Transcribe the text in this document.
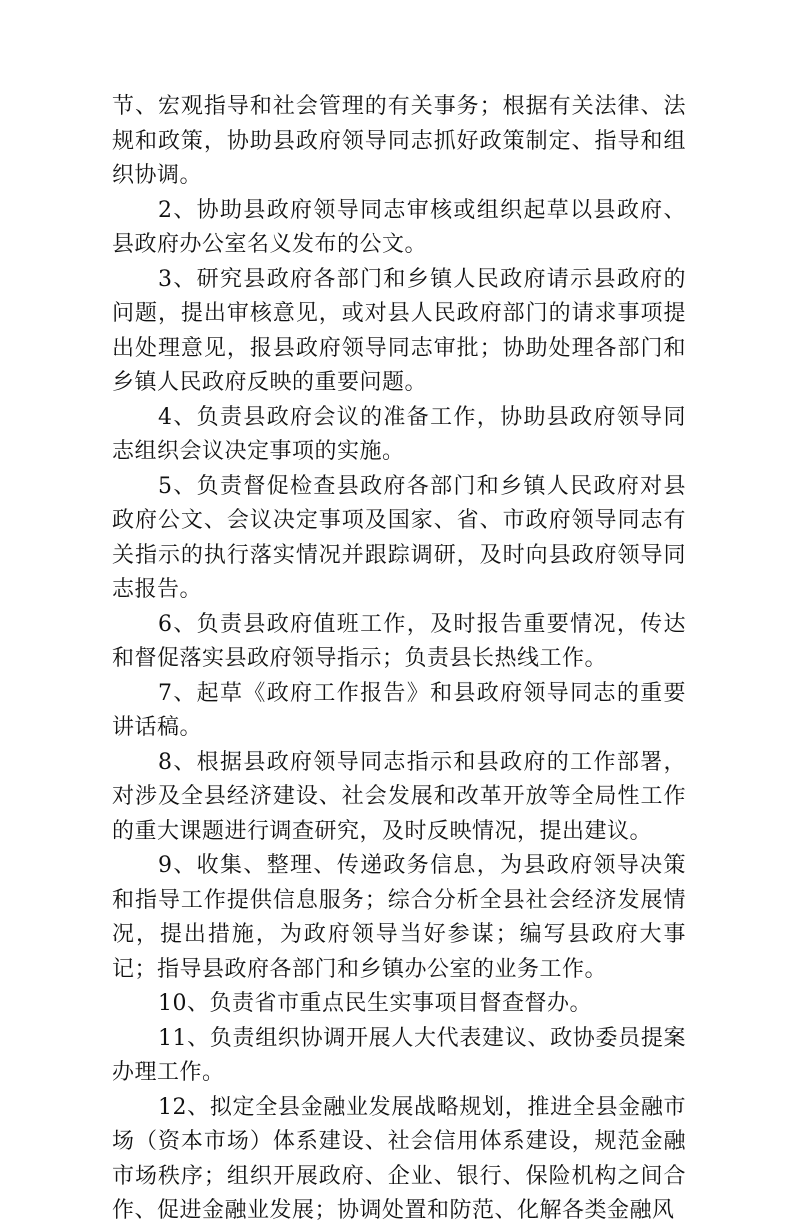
节、宏观指导和社会管理的有关事务；根据有关法律、法规和政策，协助县政府领导同志抓好政策制定、指导和组织协调。

2、协助县政府领导同志审核或组织起草以县政府、县政府办公室名义发布的公文。

3、研究县政府各部门和乡镇人民政府请示县政府的问题，提出审核意见，或对县人民政府部门的请求事项提出处理意见，报县政府领导同志审批；协助处理各部门和乡镇人民政府反映的重要问题。

4、负责县政府会议的准备工作，协助县政府领导同志组织会议决定事项的实施。

5、负责督促检查县政府各部门和乡镇人民政府对县政府公文、会议决定事项及国家、省、市政府领导同志有关指示的执行落实情况并跟踪调研，及时向县政府领导同志报告。

6、负责县政府值班工作，及时报告重要情况，传达和督促落实县政府领导指示；负责县长热线工作。

7、起草《政府工作报告》和县政府领导同志的重要讲话稿。

8、根据县政府领导同志指示和县政府的工作部署，对涉及全县经济建设、社会发展和改革开放等全局性工作的重大课题进行调查研究，及时反映情况，提出建议。

9、收集、整理、传递政务信息，为县政府领导决策和指导工作提供信息服务；综合分析全县社会经济发展情况，提出措施，为政府领导当好参谋；编写县政府大事记；指导县政府各部门和乡镇办公室的业务工作。

10、负责省市重点民生实事项目督查督办。

11、负责组织协调开展人大代表建议、政协委员提案办理工作。

12、拟定全县金融业发展战略规划，推进全县金融市场（资本市场）体系建设、社会信用体系建设，规范金融市场秩序；组织开展政府、企业、银行、保险机构之间合作、促进金融业发展；协调处置和防范、化解各类金融风
